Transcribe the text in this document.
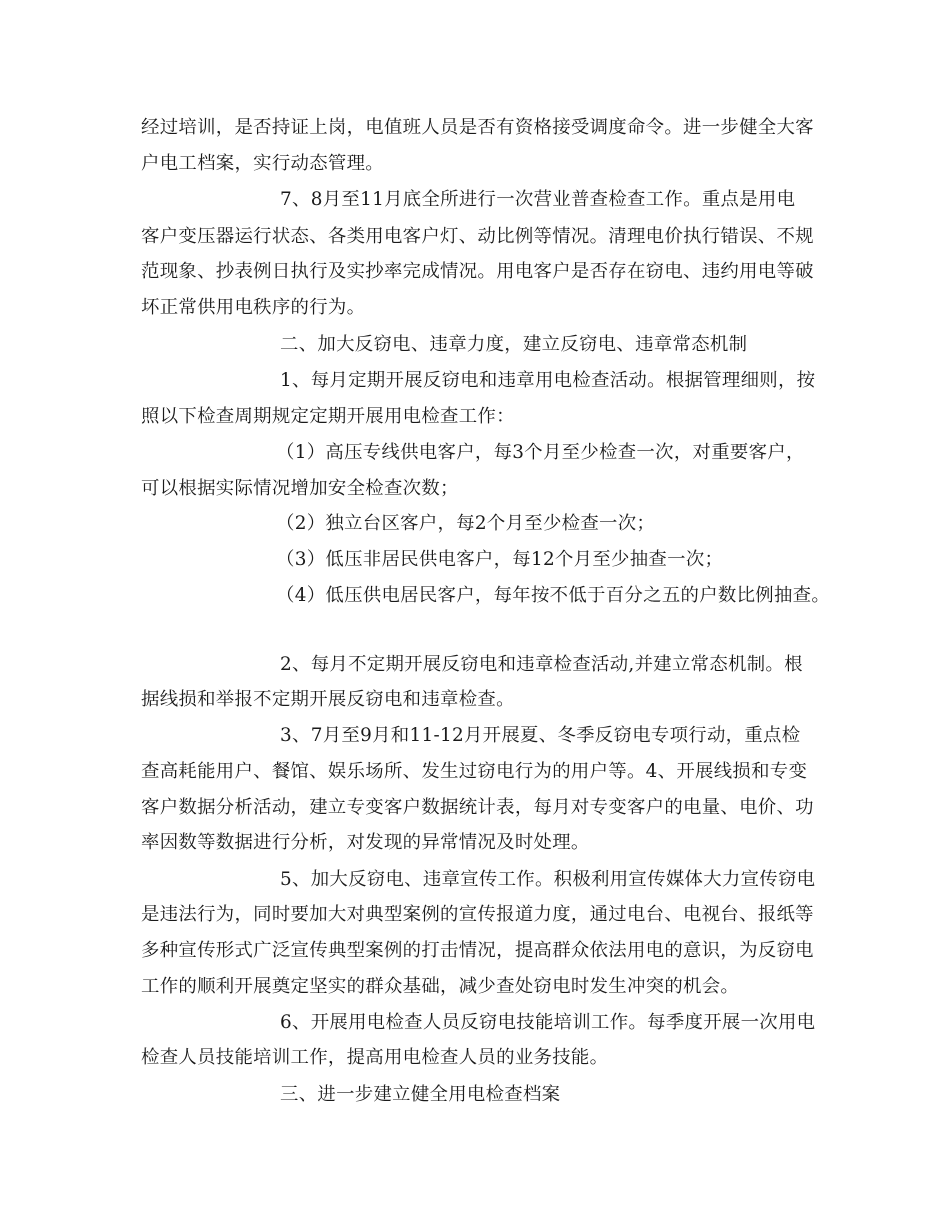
经过培训，是否持证上岗，电值班人员是否有资格接受调度命令。进一步健全大客
户电工档案，实行动态管理。
7、8月至11月底全所进行一次营业普查检查工作。重点是用电
客户变压器运行状态、各类用电客户灯、动比例等情况。清理电价执行错误、不规
范现象、抄表例日执行及实抄率完成情况。用电客户是否存在窃电、违约用电等破
坏正常供用电秩序的行为。
二、加大反窃电、违章力度，建立反窃电、违章常态机制
1、每月定期开展反窃电和违章用电检查活动。根据管理细则，按
照以下检查周期规定定期开展用电检查工作：
（1）高压专线供电客户，每3个月至少检查一次，对重要客户，
可以根据实际情况增加安全检查次数；
（2）独立台区客户，每2个月至少检查一次；
（3）低压非居民供电客户，每12个月至少抽查一次；
（4）低压供电居民客户，每年按不低于百分之五的户数比例抽查。
2、每月不定期开展反窃电和违章检查活动,并建立常态机制。根
据线损和举报不定期开展反窃电和违章检查。
3、7月至9月和11-12月开展夏、冬季反窃电专项行动，重点检
查高耗能用户、餐馆、娱乐场所、发生过窃电行为的用户等。4、开展线损和专变
客户数据分析活动，建立专变客户数据统计表，每月对专变客户的电量、电价、功
率因数等数据进行分析，对发现的异常情况及时处理。
5、加大反窃电、违章宣传工作。积极利用宣传媒体大力宣传窃电
是违法行为，同时要加大对典型案例的宣传报道力度，通过电台、电视台、报纸等
多种宣传形式广泛宣传典型案例的打击情况，提高群众依法用电的意识，为反窃电
工作的顺利开展奠定坚实的群众基础，减少查处窃电时发生冲突的机会。
6、开展用电检查人员反窃电技能培训工作。每季度开展一次用电
检查人员技能培训工作，提高用电检查人员的业务技能。
三、进一步建立健全用电检查档案
